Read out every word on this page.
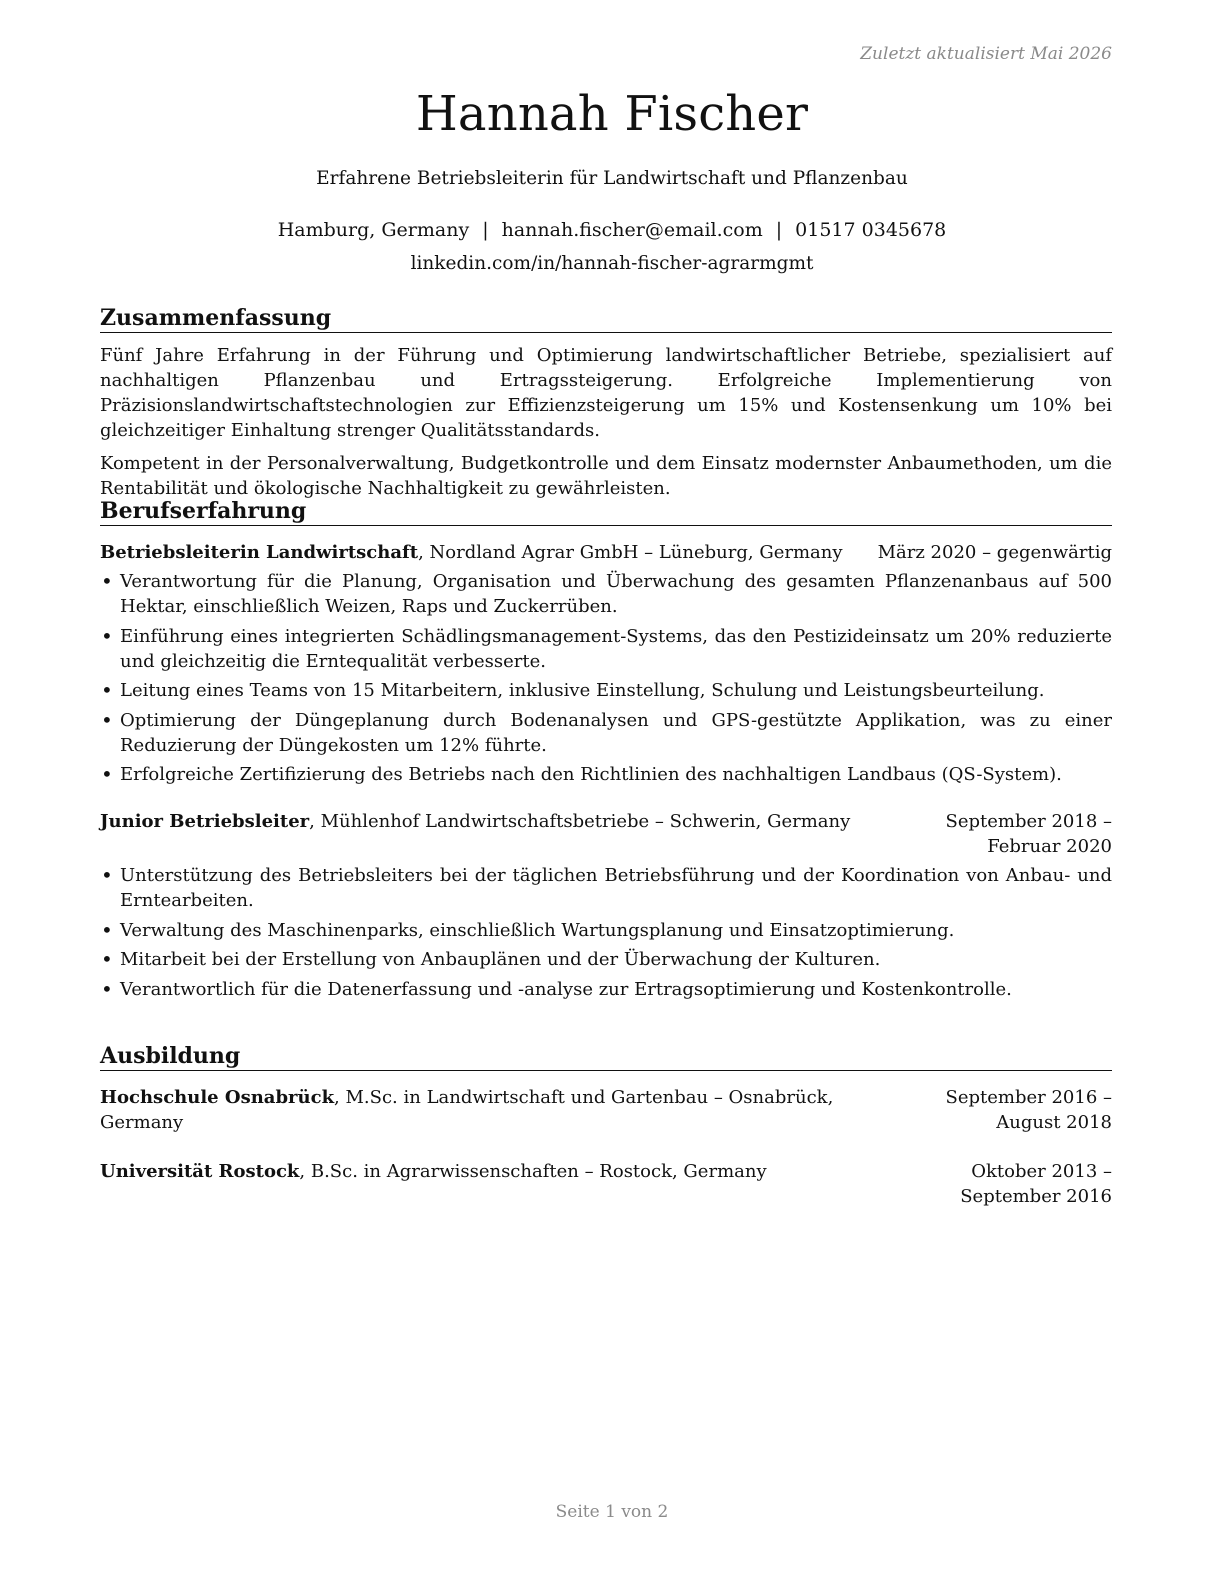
Zuletzt aktualisiert Mai 2026
Hannah Fischer
Erfahrene Betriebsleiterin für Landwirtschaft und Pflanzenbau
Hamburg, Germany | hannah.fischer@email.com | 01517 0345678
linkedin.com/in/hannah-fischer-agrarmgmt
Zusammenfassung

Fünf Jahre Erfahrung in der Führung und Optimierung landwirtschaftlicher Betriebe, spezialisiert auf nachhaltigen Pflanzenbau und Ertragssteigerung. Erfolgreiche Implementierung von Präzisionslandwirtschaftstechnologien zur Effizienzsteigerung um 15% und Kostensenkung um 10% bei gleichzeitiger Einhaltung strenger Qualitätsstandards.

Kompetent in der Personalverwaltung, Budgetkontrolle und dem Einsatz modernster Anbaumethoden, um die Rentabilität und ökologische Nachhaltigkeit zu gewährleisten.

Berufserfahrung
Betriebsleiterin Landwirtschaft, Nordland Agrar GmbH – Lüneburg, Germany März 2020 – gegenwärtig
• Verantwortung für die Planung, Organisation und Überwachung des gesamten Pflanzenanbaus auf 500 Hektar, einschließlich Weizen, Raps und Zuckerrüben.
• Einführung eines integrierten Schädlingsmanagement-Systems, das den Pestizideinsatz um 20% reduzierte und gleichzeitig die Erntequalität verbesserte.
• Leitung eines Teams von 15 Mitarbeitern, inklusive Einstellung, Schulung und Leistungsbeurteilung.
• Optimierung der Düngeplanung durch Bodenanalysen und GPS-gestützte Applikation, was zu einer Reduzierung der Düngekosten um 12% führte.
• Erfolgreiche Zertifizierung des Betriebs nach den Richtlinien des nachhaltigen Landbaus (QS-System).
Junior Betriebsleiter, Mühlenhof Landwirtschaftsbetriebe – Schwerin, Germany	September 2018 – Februar 2020
• Unterstützung des Betriebsleiters bei der täglichen Betriebsführung und der Koordination von Anbau- und Erntearbeiten.
• Verwaltung des Maschinenparks, einschließlich Wartungsplanung und Einsatzoptimierung.
• Mitarbeit bei der Erstellung von Anbauplänen und der Überwachung der Kulturen.
• Verantwortlich für die Datenerfassung und -analyse zur Ertragsoptimierung und Kostenkontrolle.
Ausbildung
Hochschule Osnabrück, M.Sc. in Landwirtschaft und Gartenbau – Osnabrück, Germany
September 2016 – August 2018
Universität Rostock, B.Sc. in Agrarwissenschaften – Rostock, Germany	Oktober 2013 – September 2016
Seite 1 von 2
